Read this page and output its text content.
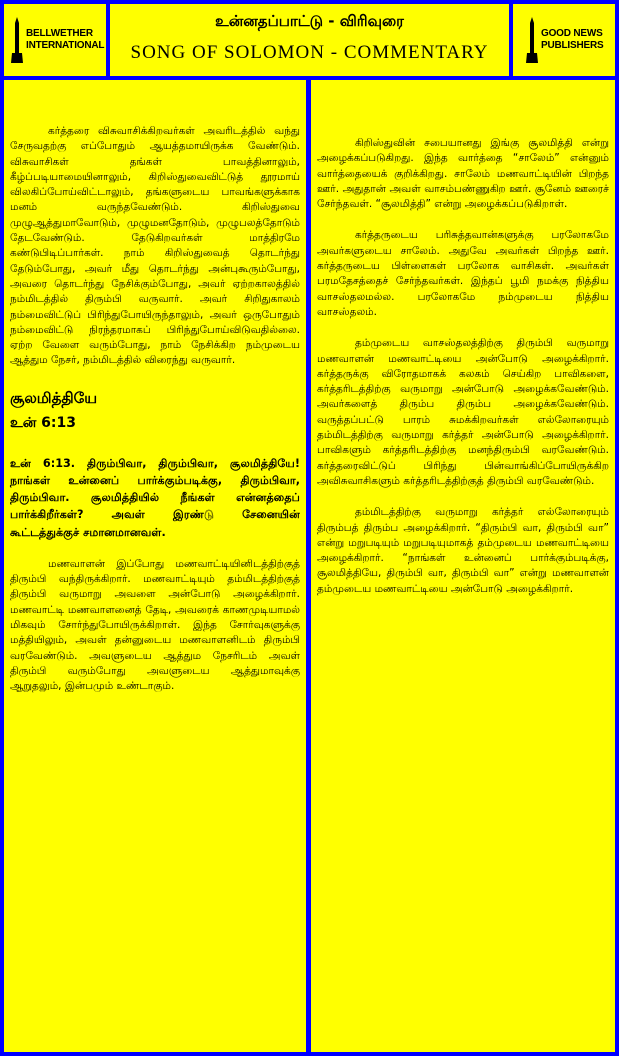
BELLWETHER
INTERNATIONAL
உன்னதப்பாட்டு - விரிவுரை
SONG OF SOLOMON - COMMENTARY
GOOD NEWS
PUBLISHERS

கர்த்தரை விசுவாசிக்கிறவர்கள் அவரிடத்தில் வந்து சேருவதற்கு எப்போதும் ஆயத்தமாயிருக்க வேண்டும். விசுவாசிகள் தங்கள் பாவத்தினாலும், கீழ்ப்படியாமையினாலும், கிறிஸ்துவைவிட்டுத் தூரமாய் விலகிப்போய்விட்டாலும், தங்களுடைய பாவங்களுக்காக மனம் வருந்தவேண்டும். கிறிஸ்துவை முழுஆத்துமாவோடும், முழுமனதோடும், முழுபலத்தோடும் தேடவேண்டும். தேடுகிறவர்கள் மாத்திரமே கண்டுபிடிப்பார்கள். நாம் கிறிஸ்துவைத் தொடர்ந்து தேடும்போது, அவர் மீது தொடர்ந்து அன்புகூரும்போது, அவரை தொடர்ந்து நேசிக்கும்போது, அவர் ஏற்றகாலத்தில் நம்மிடத்தில் திரும்பி வருவார். அவர் சிறிதுகாலம் நம்மைவிட்டுப் பிரிந்துபோயிருந்தாலும், அவர் ஒருபோதும் நம்மைவிட்டு நிரந்தரமாகப் பிரிந்துபோய்விடுவதில்லை. ஏற்ற வேளை வரும்போது, நாம் நேசிக்கிற நம்முடைய ஆத்தும நேசர், நம்மிடத்தில் விரைந்து வருவார்.

சூலமித்தியே
உன் 6:13

உன் 6:13. திரும்பிவா, திரும்பிவா, சூலமித்தியே! நாங்கள் உன்னைப் பார்க்கும்படிக்கு, திரும்பிவா, திரும்பிவா. சூலமித்தியில் நீங்கள் என்னத்தைப் பார்க்கிறீர்கள்? அவள் இரண்டு சேனையின் கூட்டத்துக்குச் சமானமானவள்.

மணவாளன் இப்போது மணவாட்டியினிடத்திற்குத் திரும்பி வந்திருக்கிறார். மணவாட்டியும் தம்மிடத்திற்குத் திரும்பி வருமாறு அவளை அன்போடு அழைக்கிறார். மணவாட்டி மணவாளனைத் தேடி, அவரைக் காணமுடியாமல் மிகவும் சோர்ந்துபோயிருக்கிறாள். இந்த சோர்வுகளுக்கு மத்தியிலும், அவள் தன்னுடைய மணவாளனிடம் திரும்பி வரவேண்டும். அவளுடைய ஆத்தும நேசரிடம் அவள் திரும்பி வரும்போது அவளுடைய ஆத்துமாவுக்கு ஆறுதலும், இன்பமும் உண்டாகும்.

கிறிஸ்துவின் சபையானது இங்கு சூலமித்தி என்று அழைக்கப்படுகிறது. இந்த வார்த்தை “சாலேம்” என்னும் வார்த்தையைக் குறிக்கிறது. சாலேம் மணவாட்டியின் பிறந்த ஊர். அதுதான் அவள் வாசம்பண்ணுகிற ஊர். சூனேம் ஊரைச் சேர்ந்தவள். “சூலமித்தி” என்று அழைக்கப்படுகிறாள்.

கர்த்தருடைய பரிசுத்தவான்களுக்கு பரலோகமே அவர்களுடைய சாலேம். அதுவே அவர்கள் பிறந்த ஊர். கர்த்தருடைய பிள்ளைகள் பரலோக வாசிகள். அவர்கள் பரமதேசத்தைச் சேர்ந்தவர்கள். இந்தப் பூமி நமக்கு நித்திய வாசஸ்தலமல்ல. பரலோகமே நம்முடைய நித்திய வாசஸ்தலம்.

தம்முடைய வாசஸ்தலத்திற்கு திரும்பி வருமாறு மணவாளன் மணவாட்டியை அன்போடு அழைக்கிறார். கர்த்தருக்கு விரோதமாகக் கலகம் செய்கிற பாவிகளை, கர்த்தரிடத்திற்கு வருமாறு அன்போடு அழைக்கவேண்டும். அவர்களைத் திரும்ப திரும்ப அழைக்கவேண்டும். வருத்தப்பட்டு பாரம் சுமக்கிறவர்கள் எல்லோரையும் தம்மிடத்திற்கு வருமாறு கர்த்தர் அன்போடு அழைக்கிறார். பாவிகளும் கர்த்தரிடத்திற்கு மனந்திரும்பி வரவேண்டும். கர்த்தரைவிட்டுப் பிரிந்து பின்வாங்கிப்போயிருக்கிற அவிசுவாசிகளும் கர்த்தரிடத்திற்குத் திரும்பி வரவேண்டும்.

தம்மிடத்திற்கு வருமாறு கர்த்தர் எல்லோரையும் திரும்பத் திரும்ப அழைக்கிறார். “திரும்பி வா, திரும்பி வா” என்று மறுபடியும் மறுபடியுமாகத் தம்முடைய மணவாட்டியை அழைக்கிறார். “நாங்கள் உன்னைப் பார்க்கும்படிக்கு, சூலமித்தியே, திரும்பி வா, திரும்பி வா” என்று மணவாளன் தம்முடைய மணவாட்டியை அன்போடு அழைக்கிறார்.
